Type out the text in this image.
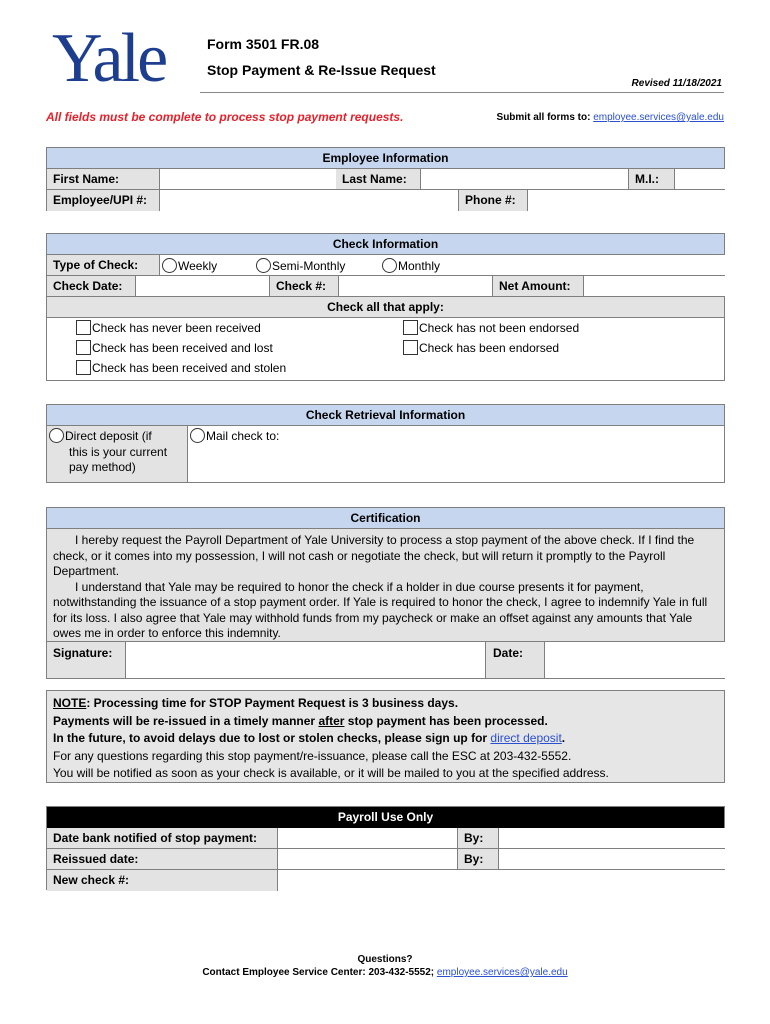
Yale	Form 3501 FR.08
Stop Payment & Re-Issue Request
Revised 11/18/2021
All fields must be complete to process stop payment requests.	Submit all forms to: employee.services@yale.edu
Employee Information
First Name:	Last Name:	M.I.:
Employee/UPI #:	Phone #:
Check Information
Type of Check:	Weekly	Semi-Monthly	Monthly
Check Date:	Check #:	Net Amount:
Check all that apply:
Check has never been received
Check has been received and lost
Check has been received and stolen
Check has not been endorsed
Check has been endorsed
Check Retrieval Information
Direct deposit (if
this is your current
pay method)
Mail check to:
Certification
I hereby request the Payroll Department of Yale University to process a stop payment of the above check. If I find the check, or it comes into my possession, I will not cash or negotiate the check, but will return it promptly to the Payroll Department.
I understand that Yale may be required to honor the check if a holder in due course presents it for payment, notwithstanding the issuance of a stop payment order. If Yale is required to honor the check, I agree to indemnify Yale in full for its loss. I also agree that Yale may withhold funds from my paycheck or make an offset against any amounts that Yale owes me in order to enforce this indemnity.
Signature:	Date:
NOTE: Processing time for STOP Payment Request is 3 business days.
Payments will be re-issued in a timely manner after stop payment has been processed.
In the future, to avoid delays due to lost or stolen checks, please sign up for direct deposit.
For any questions regarding this stop payment/re-issuance, please call the ESC at 203-432-5552.
You will be notified as soon as your check is available, or it will be mailed to you at the specified address.
Payroll Use Only
Date bank notified of stop payment:	By:
Reissued date:	By:
New check #:
Questions?
Contact Employee Service Center: 203-432-5552; employee.services@yale.edu
